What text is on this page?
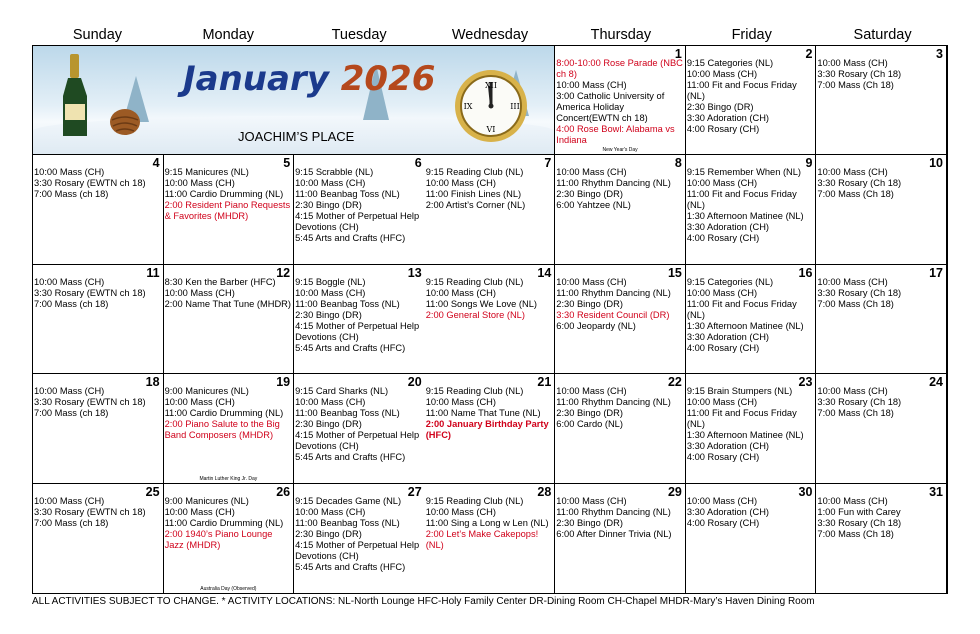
Sunday	Monday	Tuesday	Wednesday	Thursday	Friday	Saturday
January 2026
JOACHIM’S PLACE
XII
III
VI
IX
1
8:00-10:00 Rose Parade (NBC ch 8)
10:00 Mass (CH)
3:00 Catholic University of America Holiday Concert(EWTN ch 18)
4:00 Rose Bowl: Alabama vs Indiana
New Year's Day
2
9:15 Categories (NL)
10:00 Mass (CH)
11:00 Fit and Focus Friday (NL)
2:30 Bingo (DR)
3:30 Adoration (CH)
4:00 Rosary (CH)
3
10:00 Mass (CH)
3:30 Rosary (Ch 18)
7:00 Mass (Ch 18)
4
10:00 Mass (CH)
3:30 Rosary (EWTN ch 18)
7:00 Mass (ch 18)
5
9:15 Manicures (NL)
10:00 Mass (CH)
11:00 Cardio Drumming (NL)
2:00 Resident Piano Requests & Favorites (MHDR)
6
9:15 Scrabble (NL)
10:00 Mass (CH)
11:00 Beanbag Toss (NL)
2:30 Bingo (DR)
4:15 Mother of Perpetual Help Devotions (CH)
5:45 Arts and Crafts (HFC)
7
9:15 Reading Club (NL)
10:00 Mass (CH)
11:00 Finish Lines (NL)
2:00 Artist’s Corner (NL)
8
10:00 Mass (CH)
11:00 Rhythm Dancing (NL)
2:30 Bingo (DR)
6:00 Yahtzee (NL)
9
9:15 Remember When (NL)
10:00 Mass (CH)
11:00 Fit and Focus Friday (NL)
1:30 Afternoon Matinee (NL)
3:30 Adoration (CH)
4:00 Rosary (CH)
10
10:00 Mass (CH)
3:30 Rosary (Ch 18)
7:00 Mass (Ch 18)
11
10:00 Mass (CH)
3:30 Rosary (EWTN ch 18)
7:00 Mass (ch 18)
12
8:30 Ken the Barber (HFC)
10:00 Mass (CH)
2:00 Name That Tune (MHDR)
13
9:15 Boggle (NL)
10:00 Mass (CH)
11:00 Beanbag Toss (NL)
2:30 Bingo (DR)
4:15 Mother of Perpetual Help Devotions (CH)
5:45 Arts and Crafts (HFC)
14
9:15 Reading Club (NL)
10:00 Mass (CH)
11:00 Songs We Love (NL)
2:00 General Store (NL)
15
10:00 Mass (CH)
11:00 Rhythm Dancing (NL)
2:30 Bingo (DR)
3:30 Resident Council (DR)
6:00 Jeopardy (NL)
16
9:15 Categories (NL)
10:00 Mass (CH)
11:00 Fit and Focus Friday (NL)
1:30 Afternoon Matinee (NL)
3:30 Adoration (CH)
4:00 Rosary (CH)
17
10:00 Mass (CH)
3:30 Rosary (Ch 18)
7:00 Mass (Ch 18)
18
10:00 Mass (CH)
3:30 Rosary (EWTN ch 18)
7:00 Mass (ch 18)
19
9:00 Manicures (NL)
10:00 Mass (CH)
11:00 Cardio Drumming (NL)
2:00 Piano Salute to the Big Band Composers (MHDR)
Martin Luther King Jr. Day
20
9:15 Card Sharks (NL)
10:00 Mass (CH)
11:00 Beanbag Toss (NL)
2:30 Bingo (DR)
4:15 Mother of Perpetual Help Devotions (CH)
5:45 Arts and Crafts (HFC)
21
9:15 Reading Club (NL)
10:00 Mass (CH)
11:00 Name That Tune (NL)
2:00 January Birthday Party (HFC)
22
10:00 Mass (CH)
11:00 Rhythm Dancing (NL)
2:30 Bingo (DR)
6:00 Cardo (NL)
23
9:15 Brain Stumpers (NL)
10:00 Mass (CH)
11:00 Fit and Focus Friday (NL)
1:30 Afternoon Matinee (NL)
3:30 Adoration (CH)
4:00 Rosary (CH)
24
10:00 Mass (CH)
3:30 Rosary (Ch 18)
7:00 Mass (Ch 18)
25
10:00 Mass (CH)
3:30 Rosary (EWTN ch 18)
7:00 Mass (ch 18)
26
9:00 Manicures (NL)
10:00 Mass (CH)
11:00 Cardio Drumming (NL)
2:00 1940’s Piano Lounge Jazz (MHDR)
Australia Day (Observed)
27
9:15 Decades Game (NL)
10:00 Mass (CH)
11:00 Beanbag Toss (NL)
2:30 Bingo (DR)
4:15 Mother of Perpetual Help Devotions (CH)
5:45 Arts and Crafts (HFC)
28
9:15 Reading Club (NL)
10:00 Mass (CH)
11:00 Sing a Long w Len (NL)
2:00 Let’s Make Cakepops! (NL)
29
10:00 Mass (CH)
11:00 Rhythm Dancing (NL)
2:30 Bingo (DR)
6:00 After Dinner Trivia (NL)
30
10:00 Mass (CH)
3:30 Adoration (CH)
4:00 Rosary (CH)
31
10:00 Mass (CH)
1:00 Fun with Carey
3:30 Rosary (Ch 18)
7:00 Mass (Ch 18)
ALL ACTIVITIES SUBJECT TO CHANGE. * ACTIVITY LOCATIONS: NL-North Lounge HFC-Holy Family Center DR-Dining Room CH-Chapel MHDR-Mary’s Haven Dining Room
